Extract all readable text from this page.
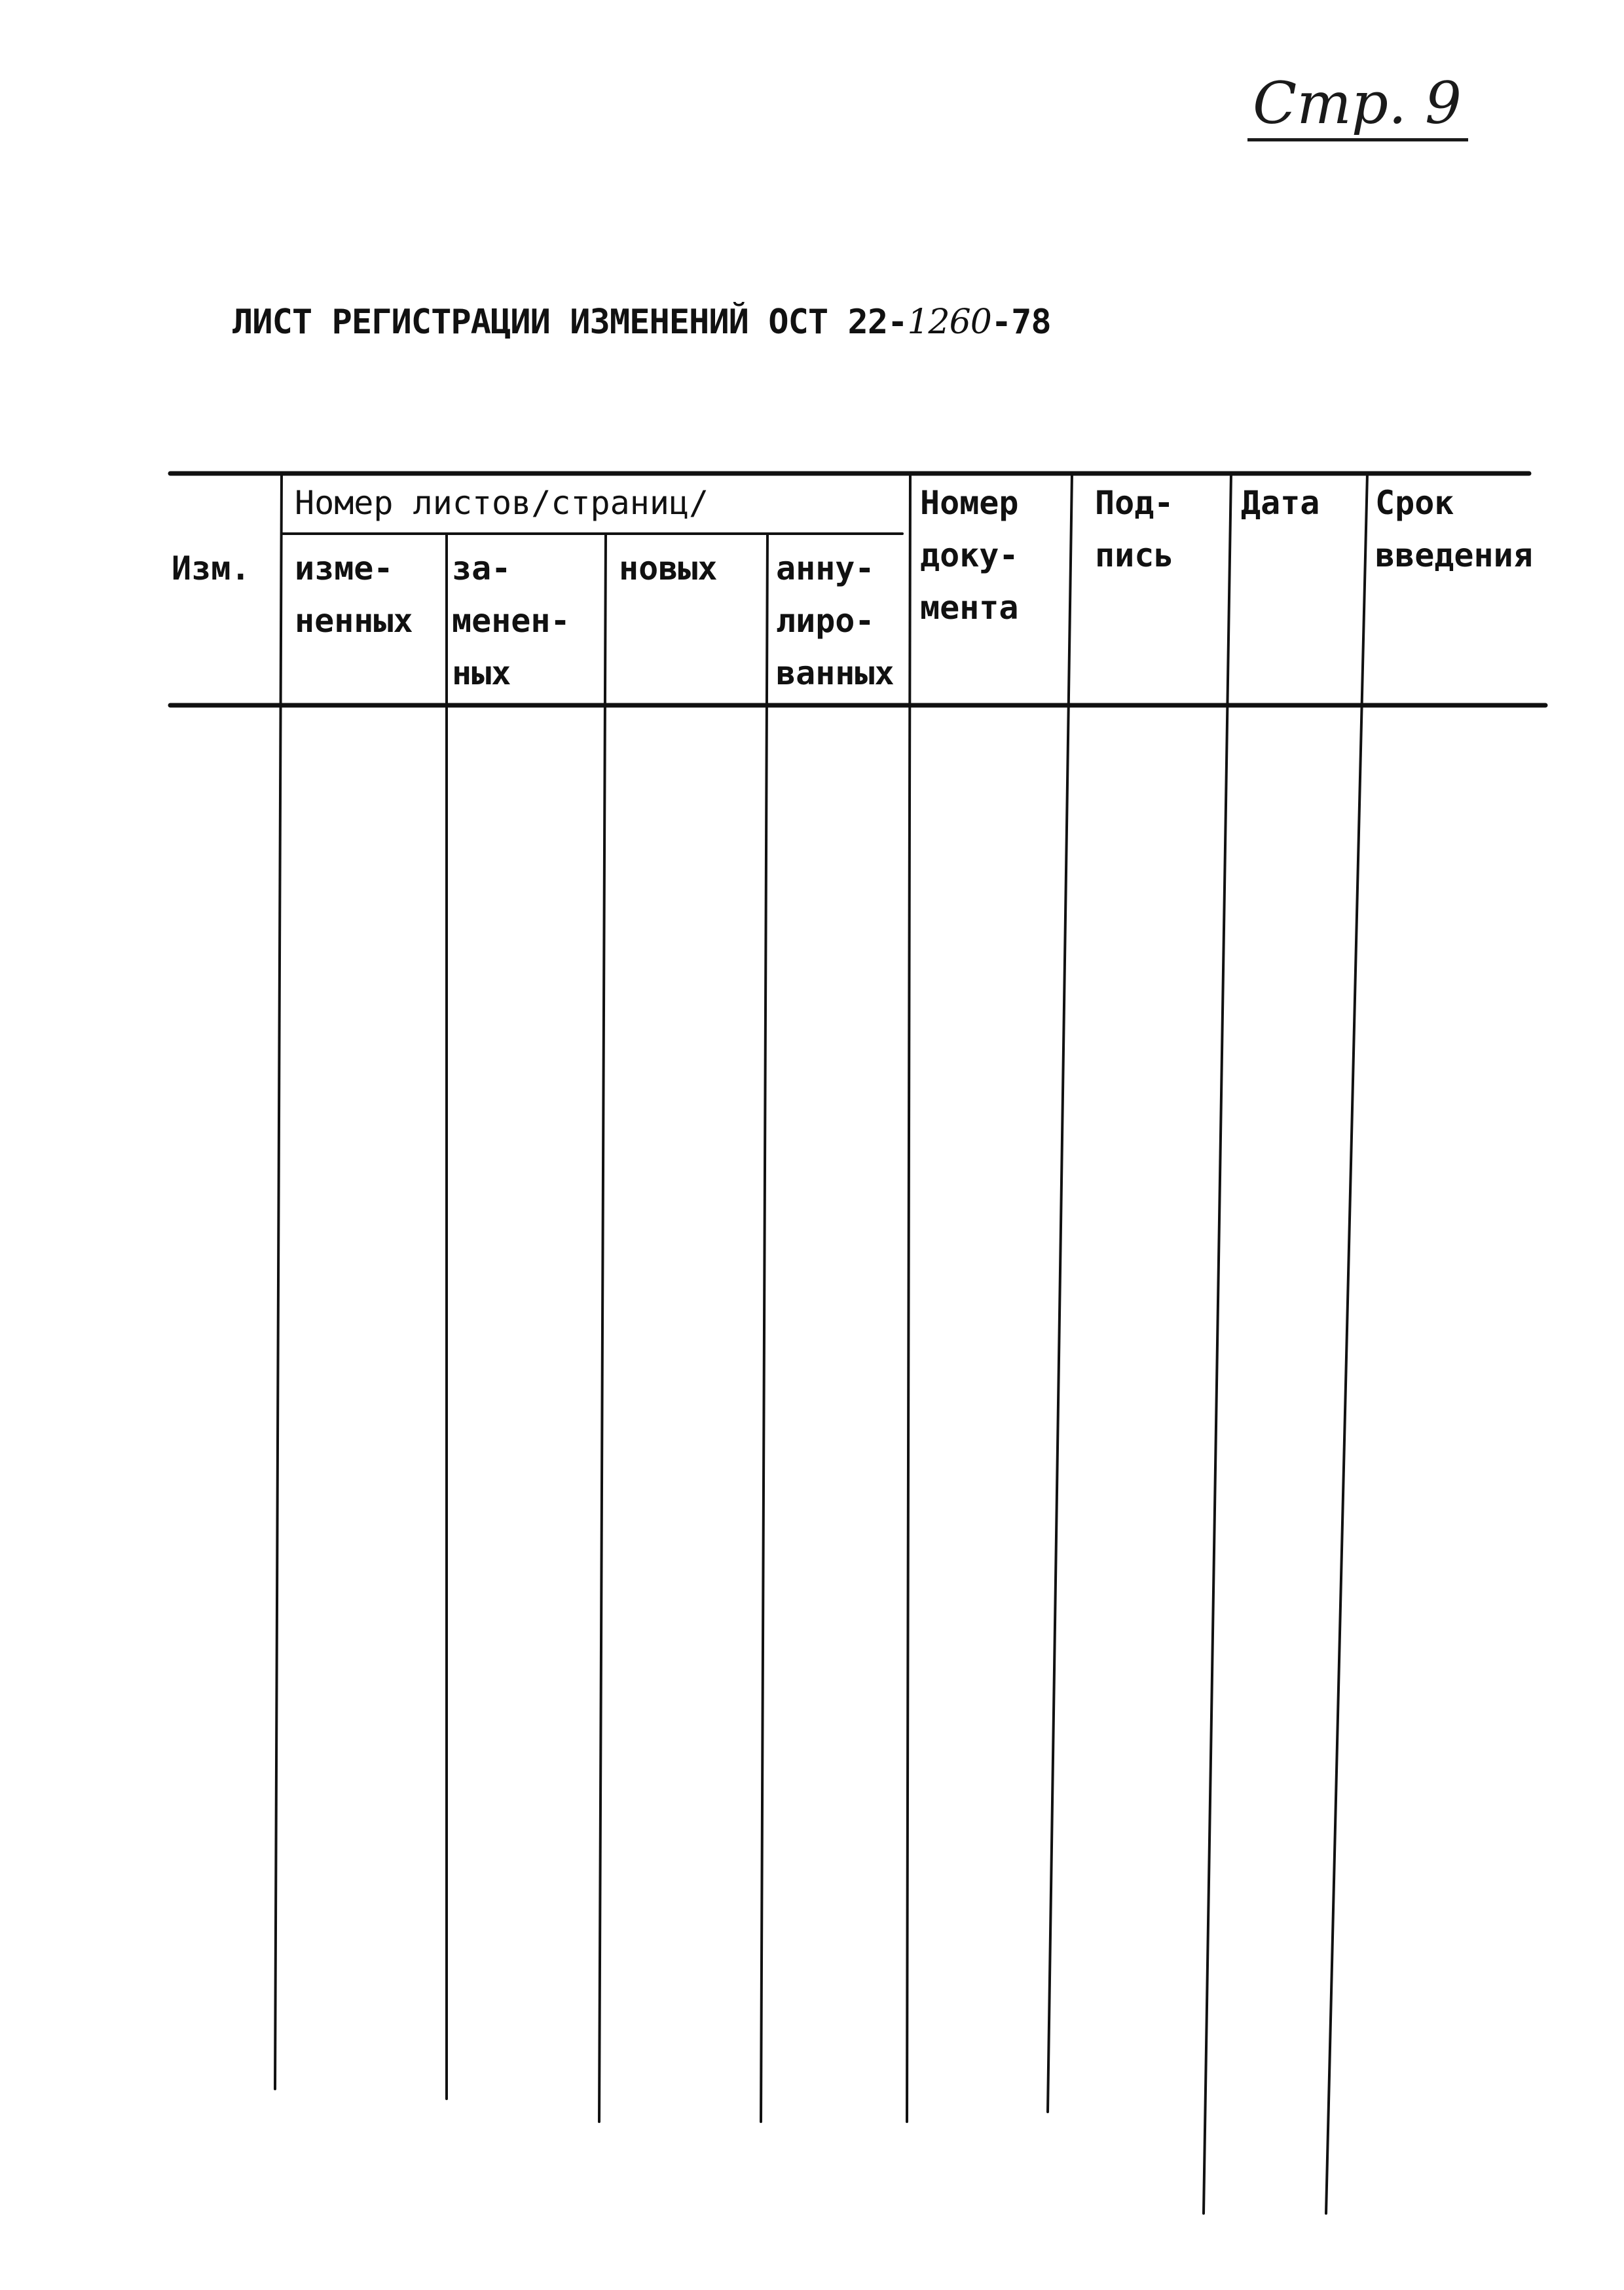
Стр. 9
ЛИСТ РЕГИСТРАЦИИ ИЗМЕНЕНИЙ ОСТ 22-1260-78

Изм.

Номер листов/страниц/

изме-
ненных

за-
менен-
ных

новых анну-
лиро-
ванных

Номер
доку-
мента

Под-
пись

Дата Срок
введения
